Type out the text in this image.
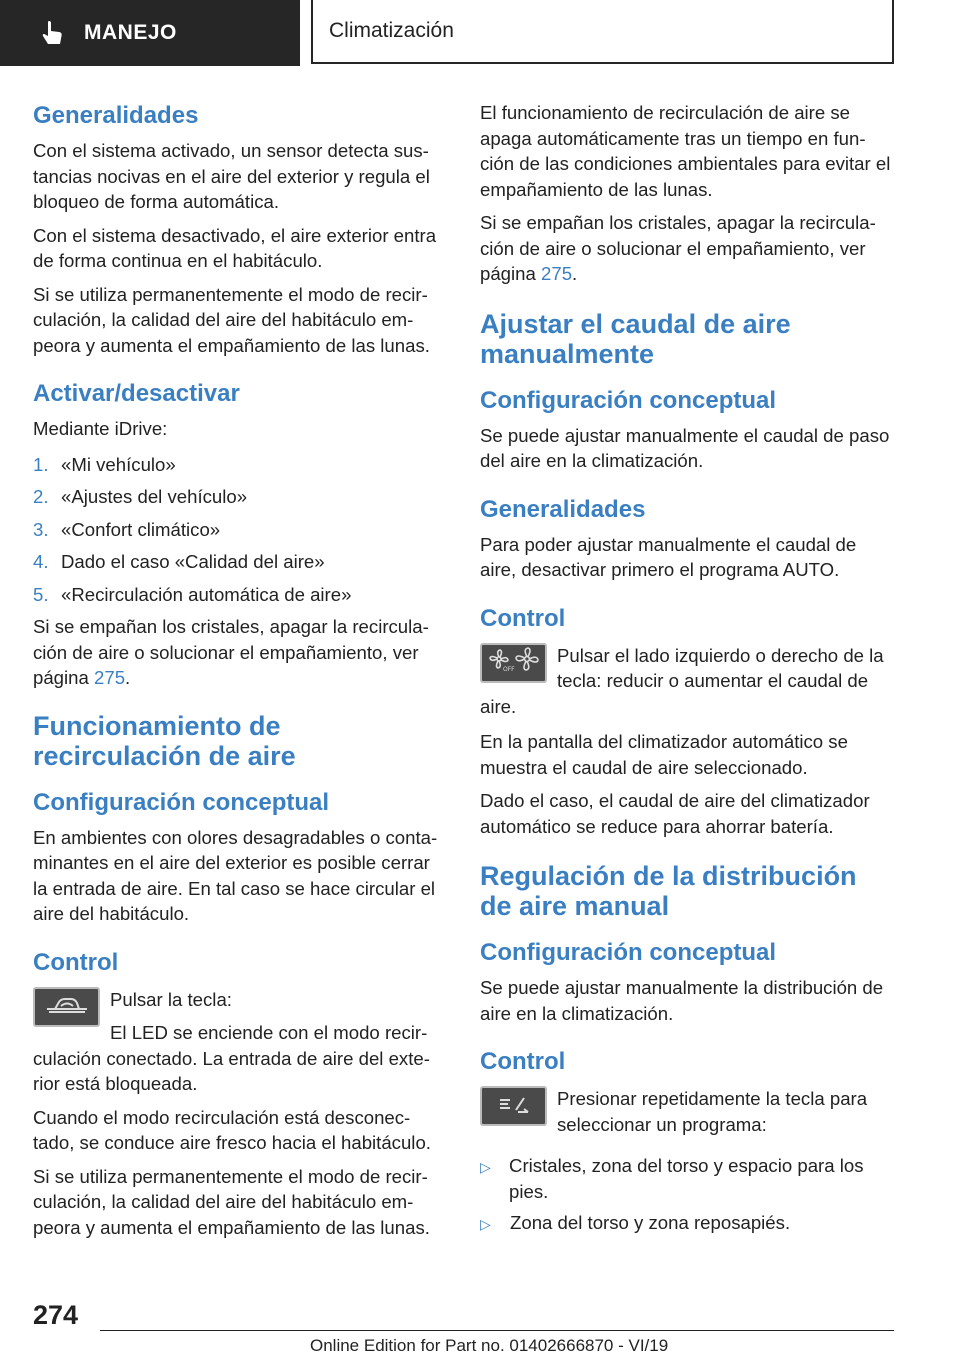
MANEJO	Climatización
Generalidades

Con el sistema activado, un sensor detecta sus-tancias nocivas en el aire del exterior y regula el bloqueo de forma automática.

Con el sistema desactivado, el aire exterior entra de forma continua en el habitáculo.

Si se utiliza permanentemente el modo de recir-culación, la calidad del aire del habitáculo em-peora y aumenta el empañamiento de las lunas.

Activar/desactivar

Mediante iDrive:

1. «Mi vehículo»
2. «Ajustes del vehículo»
3. «Confort climático»
4. Dado el caso «Calidad del aire»
5. «Recirculación automática de aire»

Si se empañan los cristales, apagar la recircula-ción de aire o solucionar el empañamiento, ver página 275.

Funcionamiento de recirculación de aire
Configuración conceptual

En ambientes con olores desagradables o conta-minantes en el aire del exterior es posible cerrar la entrada de aire. En tal caso se hace circular el aire del habitáculo.

Control

Pulsar la tecla:

El LED se enciende con el modo recir-culación conectado. La entrada de aire del exte-rior está bloqueada.

Cuando el modo recirculación está desconec-tado, se conduce aire fresco hacia el habitáculo.

Si se utiliza permanentemente el modo de recir-culación, la calidad del aire del habitáculo em-peora y aumenta el empañamiento de las lunas.

El funcionamiento de recirculación de aire se apaga automáticamente tras un tiempo en fun-ción de las condiciones ambientales para evitar el empañamiento de las lunas.

Si se empañan los cristales, apagar la recircula-ción de aire o solucionar el empañamiento, ver página 275.

Ajustar el caudal de aire manualmente
Configuración conceptual

Se puede ajustar manualmente el caudal de paso del aire en la climatización.

Generalidades

Para poder ajustar manualmente el caudal de aire, desactivar primero el programa AUTO.

Control
OFF

Pulsar el lado izquierdo o derecho de la tecla: reducir o aumentar el caudal de aire.

En la pantalla del climatizador automático se muestra el caudal de aire seleccionado.

Dado el caso, el caudal de aire del climatizador automático se reduce para ahorrar batería.

Regulación de la distribución de aire manual
Configuración conceptual

Se puede ajustar manualmente la distribución de aire en la climatización.

Control

Presionar repetidamente la tecla para seleccionar un programa:

▷ Cristales, zona del torso y espacio para los pies.
▷	Zona del torso y zona reposapiés.
274
Online Edition for Part no. 01402666870 - VI/19
